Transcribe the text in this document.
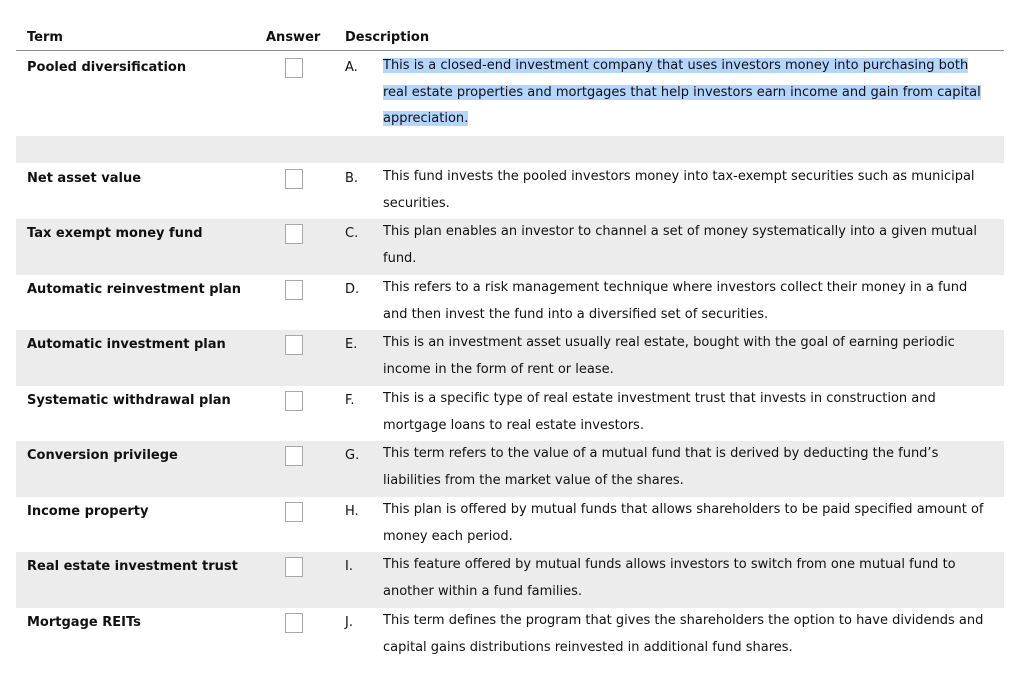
Term	Answer Description
Pooled diversification	A. This is a closed-end investment company that uses investors money into purchasing both real estate properties and mortgages that help investors earn income and gain from capital appreciation.
Net asset value	B. This fund invests the pooled investors money into tax-exempt securities such as municipal securities.
Tax exempt money fund	C. This plan enables an investor to channel a set of money systematically into a given mutual fund.
Automatic reinvestment plan	D. This refers to a risk management technique where investors collect their money in a fund and then invest the fund into a diversified set of securities.
Automatic investment plan	E. This is an investment asset usually real estate, bought with the goal of earning periodic income in the form of rent or lease.
Systematic withdrawal plan	F. This is a specific type of real estate investment trust that invests in construction and mortgage loans to real estate investors.
Conversion privilege	G. This term refers to the value of a mutual fund that is derived by deducting the fund’s liabilities from the market value of the shares.
Income property	H. This plan is offered by mutual funds that allows shareholders to be paid specified amount of money each period.
Real estate investment trust	I. This feature offered by mutual funds allows investors to switch from one mutual fund to another within a fund families.
Mortgage REITs	J. This term defines the program that gives the shareholders the option to have dividends and capital gains distributions reinvested in additional fund shares.
